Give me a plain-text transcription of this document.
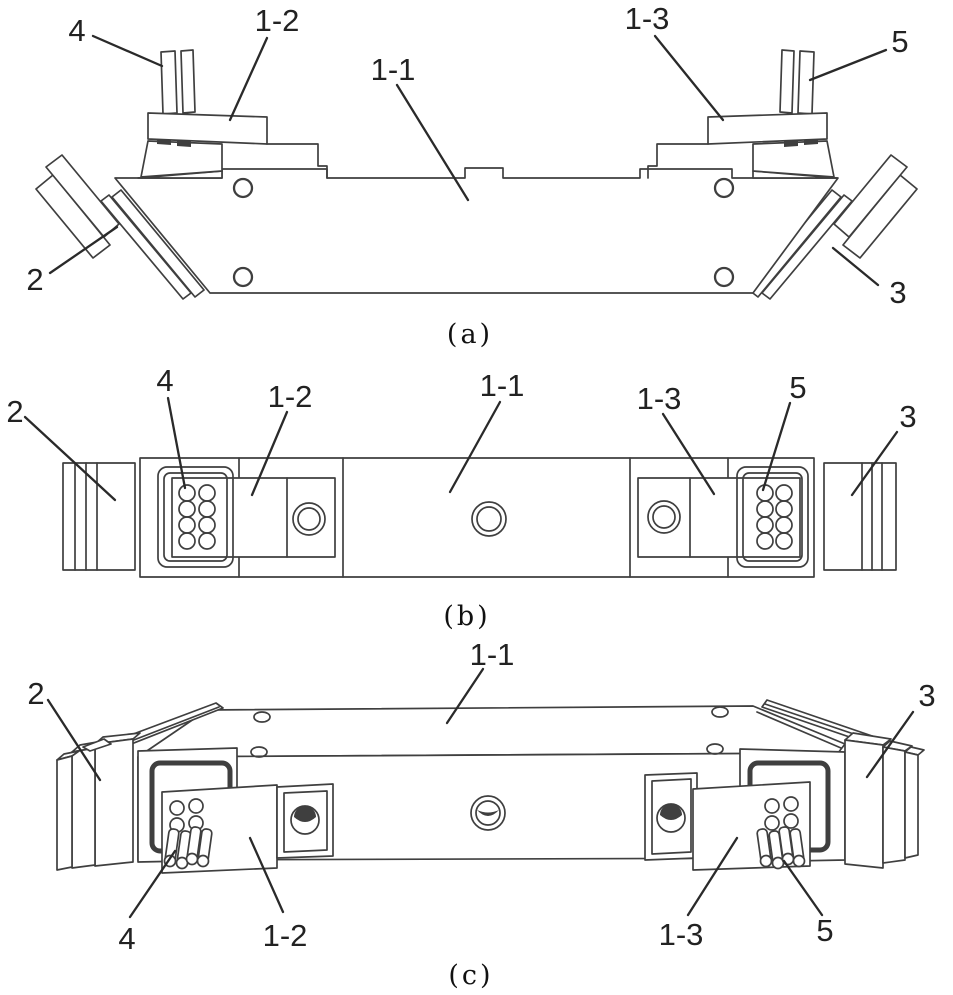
4	1-2
1-1
1-3
5
2	3
(a)
2
4	1-2	1-1	1-3	5
3
(b)
1-1
2	3
4	1-2	1-3	5
(c)
